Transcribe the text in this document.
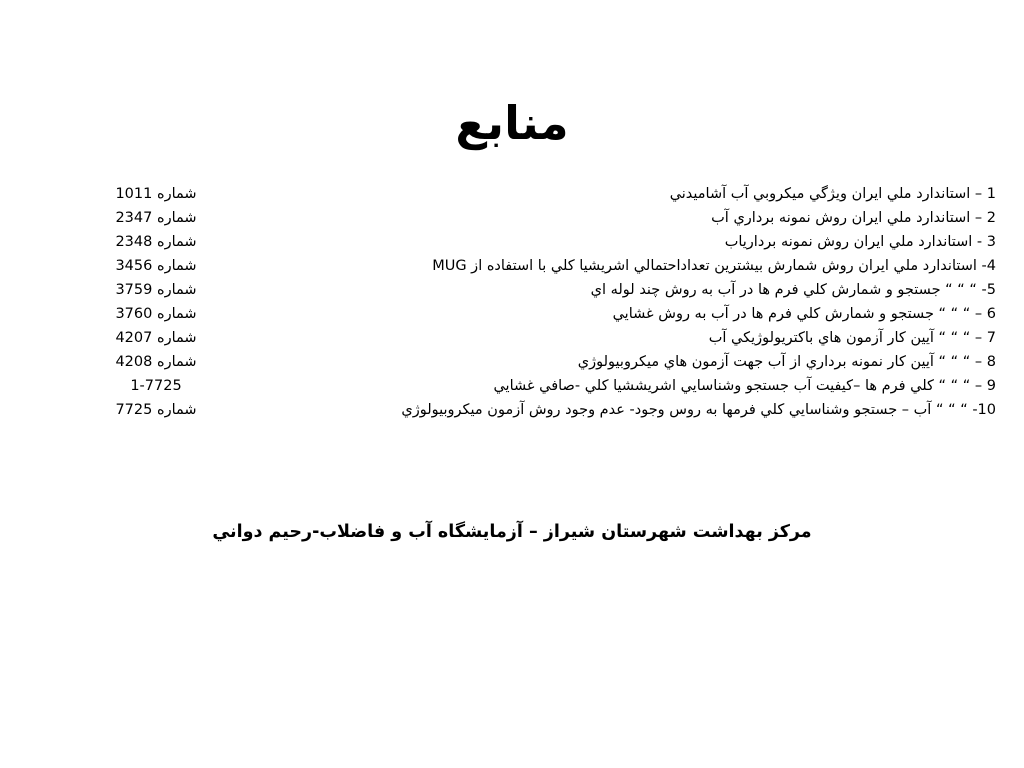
منابع
1 – استاندارد ملي ايران ويژگي ميكروبي آب آشاميدني
شماره 1011
2 – استاندارد ملي ايران روش نمونه برداري آب
شماره 2347
3 - استاندارد ملي ايران روش نمونه بردارياب
شماره 2348
4- استاندارد ملي ايران روش شمارش بيشترين تعداداحتمالي اشريشيا كلي با استفاده از MUG
شماره 3456
5- “ “ “ جستجو و شمارش كلي فرم ها در آب به روش چند لوله اي
شماره 3759
6 – “ “ “ جستجو و شمارش كلي فرم ها در آب به روش غشايي
شماره 3760
7 – “ “ “ آيين كار آزمون هاي باكتريولوژيكي آب
شماره 4207
8 – “ “ “ آيين كار نمونه برداري از آب جهت آزمون هاي ميكروبيولوژي
شماره 4208
9 – “ “ “ كلي فرم ها –كيفيت آب جستجو وشناسايي اشريششيا كلي -صافي غشايي
1-7725
10- “ “ “ آب – جستجو وشناسايي كلي فرمها به روس وجود- عدم وجود روش آزمون ميكروبيولوژي
شماره 7725
مركز بهداشت شهرستان شيراز – آزمايشگاه آب و فاضلاب-رحيم دواني
